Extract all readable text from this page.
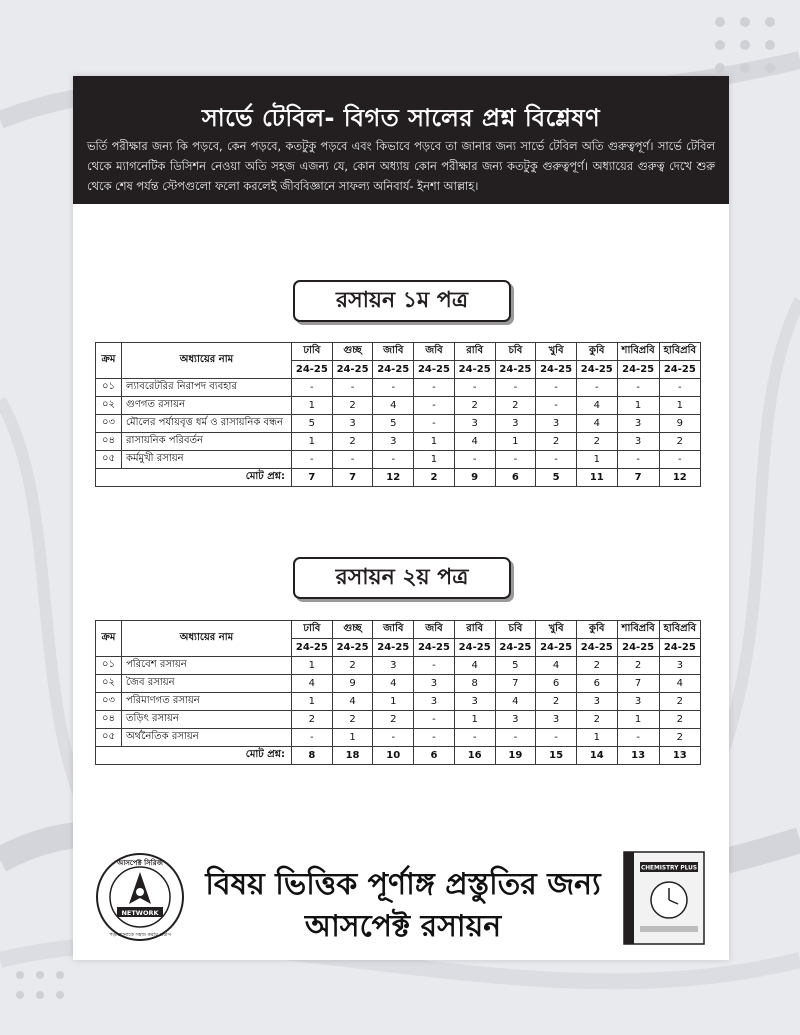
সার্ভে টেবিল- বিগত সালের প্রশ্ন বিশ্লেষণ
ভর্তি পরীক্ষার জন্য কি পড়বে, কেন পড়বে, কতটুকু পড়বে এবং কিভাবে পড়বে তা জানার জন্য সার্ভে টেবিল অতি গুরুত্বপূর্ণ। সার্ভে টেবিল থেকে ম্যাগনেটিক ডিসিশন নেওয়া অতি সহজ এজন্য যে, কোন অধ্যায় কোন পরীক্ষার জন্য কতটুকু গুরুত্বপূর্ণ। অধ্যায়ের গুরুত্ব দেখে শুরু থেকে শেষ পর্যন্ত স্টেপগুলো ফলো করলেই জীববিজ্ঞানে সাফল্য অনিবার্য- ইনশা আল্লাহ।
রসায়ন ১ম পত্র
ক্রম	অধ্যায়ের নাম	ঢাবি	গুচ্ছ	জাবি	জবি	রাবি	চবি	খুবি	কুবি	শাবিপ্রবি	হাবিপ্রবি
		24-25	24-25	24-25	24-25	24-25	24-25	24-25	24-25	24-25	24-25
০১	ল্যাবরেটরির নিরাপদ ব্যবহার	-	-	-	-	-	-	-	-	-	-
০২	গুণগত রসায়ন	1	2	4	-	2	2	-	4	1	1
০৩	মৌলের পর্যায়বৃত্ত ধর্ম ও রাসায়নিক বন্ধন	5	3	5	-	3	3	3	4	3	9
০৪	রাসায়নিক পরিবর্তন	1	2	3	1	4	1	2	2	3	2
০৫	কর্মমুখী রসায়ন	-	-	-	1	-	-	-	1	-	-
মোট প্রশ্ন:		7	7	12	2	9	6	5	11	7	12
রসায়ন ২য় পত্র
ক্রম	অধ্যায়ের নাম	ঢাবি	গুচ্ছ	জাবি	জবি	রাবি	চবি	খুবি	কুবি	শাবিপ্রবি	হাবিপ্রবি
		24-25	24-25	24-25	24-25	24-25	24-25	24-25	24-25	24-25	24-25
০১	পরিবেশ রসায়ন	1	2	3	-	4	5	4	2	2	3
০২	জৈব রসায়ন	4	9	4	3	8	7	6	6	7	4
০৩	পরিমাণগত রসায়ন	1	4	1	3	3	4	2	3	3	2
০৪	তড়িৎ রসায়ন	2	2	2	-	1	3	3	2	1	2
০৫	অর্থনৈতিক রসায়ন	-	1	-	-	-	-	-	1	-	2
মোট প্রশ্ন:		8	18	10	6	16	19	15	14	13	13
NETWORK
আসপেক্ট সিরিজ
পড়াশোনাকে সহজ করার প্রয়াস
বিষয় ভিত্তিক পূর্ণাঙ্গ প্রস্তুতির জন্য
আসপেক্ট রসায়ন
CHEMISTRY PLUS
